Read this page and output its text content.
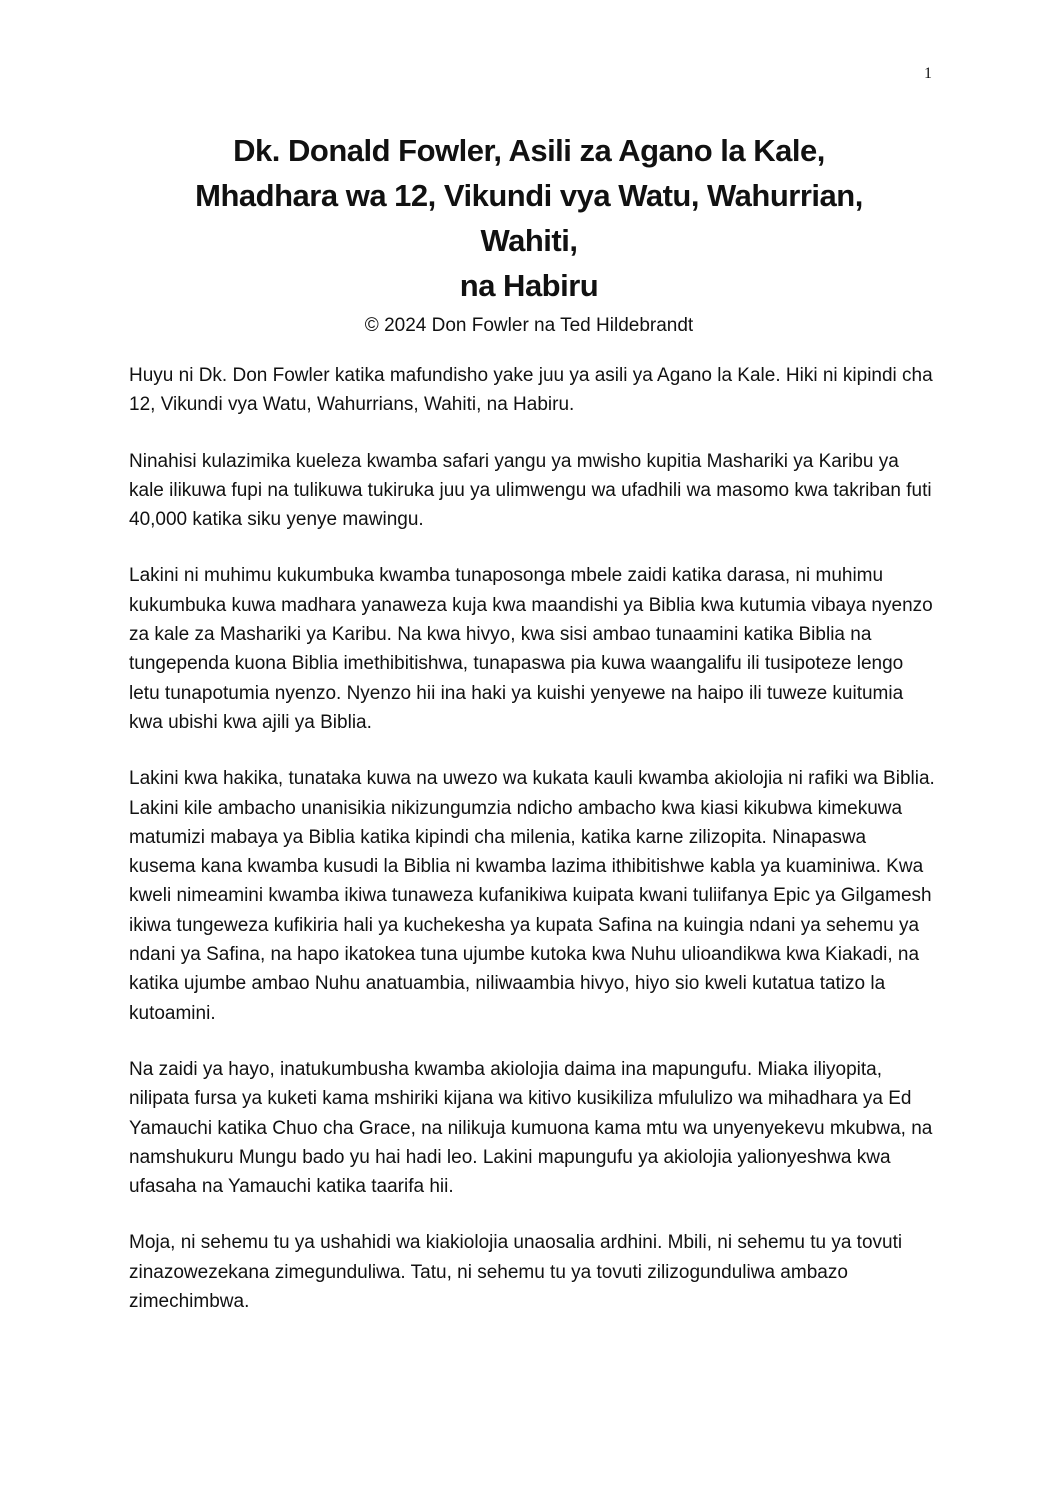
1
Dk. Donald Fowler, Asili za Agano la Kale,
Mhadhara wa 12, Vikundi vya Watu, Wahurrian,
Wahiti,
na Habiru
© 2024 Don Fowler na Ted Hildebrandt

Huyu ni Dk. Don Fowler katika mafundisho yake juu ya asili ya Agano la Kale. Hiki ni kipindi cha 12, Vikundi vya Watu, Wahurrians, Wahiti, na Habiru.

Ninahisi kulazimika kueleza kwamba safari yangu ya mwisho kupitia Mashariki ya Karibu ya kale ilikuwa fupi na tulikuwa tukiruka juu ya ulimwengu wa ufadhili wa masomo kwa takriban futi 40,000 katika siku yenye mawingu.

Lakini ni muhimu kukumbuka kwamba tunaposonga mbele zaidi katika darasa, ni muhimu kukumbuka kuwa madhara yanaweza kuja kwa maandishi ya Biblia kwa kutumia vibaya nyenzo za kale za Mashariki ya Karibu. Na kwa hivyo, kwa sisi ambao tunaamini katika Biblia na tungependa kuona Biblia imethibitishwa, tunapaswa pia kuwa waangalifu ili tusipoteze lengo letu tunapotumia nyenzo. Nyenzo hii ina haki ya kuishi yenyewe na haipo ili tuweze kuitumia kwa ubishi kwa ajili ya Biblia.

Lakini kwa hakika, tunataka kuwa na uwezo wa kukata kauli kwamba akiolojia ni rafiki wa Biblia. Lakini kile ambacho unanisikia nikizungumzia ndicho ambacho kwa kiasi kikubwa kimekuwa matumizi mabaya ya Biblia katika kipindi cha milenia, katika karne zilizopita. Ninapaswa kusema kana kwamba kusudi la Biblia ni kwamba lazima ithibitishwe kabla ya kuaminiwa. Kwa kweli nimeamini kwamba ikiwa tunaweza kufanikiwa kuipata kwani tuliifanya Epic ya Gilgamesh ikiwa tungeweza kufikiria hali ya kuchekesha ya kupata Safina na kuingia ndani ya sehemu ya ndani ya Safina, na hapo ikatokea tuna ujumbe kutoka kwa Nuhu ulioandikwa kwa Kiakadi, na katika ujumbe ambao Nuhu anatuambia, niliwaambia hivyo, hiyo sio kweli kutatua tatizo la kutoamini.

Na zaidi ya hayo, inatukumbusha kwamba akiolojia daima ina mapungufu. Miaka iliyopita, nilipata fursa ya kuketi kama mshiriki kijana wa kitivo kusikiliza mfululizo wa mihadhara ya Ed Yamauchi katika Chuo cha Grace, na nilikuja kumuona kama mtu wa unyenyekevu mkubwa, na namshukuru Mungu bado yu hai hadi leo. Lakini mapungufu ya akiolojia yalionyeshwa kwa ufasaha na Yamauchi katika taarifa hii.

Moja, ni sehemu tu ya ushahidi wa kiakiolojia unaosalia ardhini. Mbili, ni sehemu tu ya tovuti zinazowezekana zimegunduliwa. Tatu, ni sehemu tu ya tovuti zilizogunduliwa ambazo zimechimbwa.
